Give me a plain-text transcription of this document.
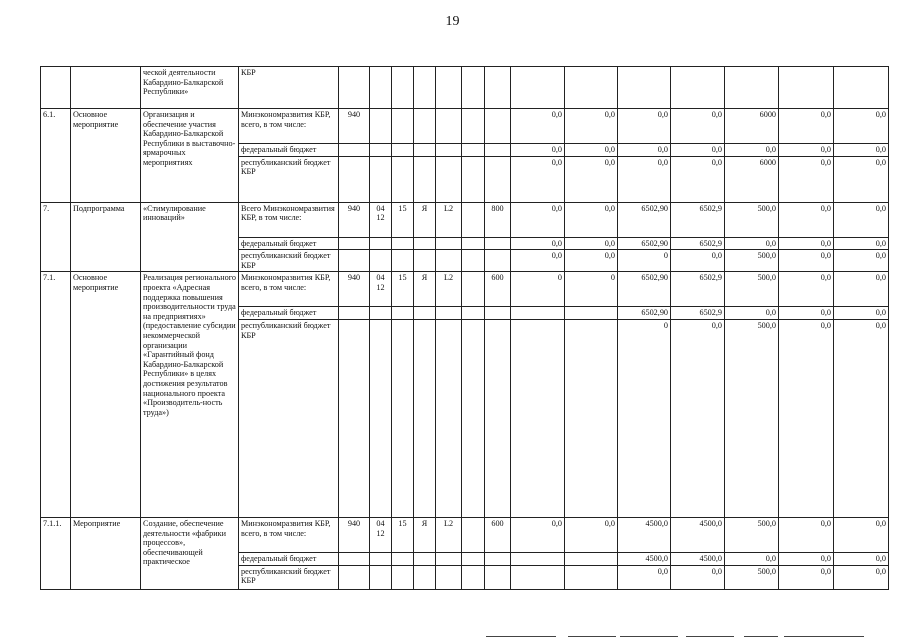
19
		ческой деятельности Кабардино-Балкарской Республики»	КБР														
6.1.	Основное мероприятие	Организация и обеспечение участия Кабардино-Балкарской Республики в выставочно-ярмарочных мероприятиях	Минэкономразвития КБР, всего, в том числе:	940							0,0	0,0	0,0	0,0	6000	0,0	0,0
			федеральный бюджет								0,0	0,0	0,0	0,0	0,0	0,0	0,0
			республиканский бюджет КБР								0,0	0,0	0,0	0,0	6000	0,0	0,0
7.	Подпрограмма	«Стимулирование инноваций»	Всего Минэкономразвития КБР, в том числе:	940	04 12	15	Я	L2		800	0,0	0,0	6502,90	6502,9	500,0	0,0	0,0
			федеральный бюджет								0,0	0,0	6502,90	6502,9	0,0	0,0	0,0
			республиканский бюджет КБР								0,0	0,0	0	0,0	500,0	0,0	0,0
7.1.	Основное мероприятие	Реализация регионального проекта «Адресная поддержка повышения производительности труда на предприятиях» (предоставление субсидии некоммерческой организации «Гарантийный фонд Кабардино-Балкарской Республики» в целях достижения результатов национального проекта «Производитель-ность труда»)	Минэкономразвития КБР, всего, в том числе:	940	04 12	15	Я	L2		600	0	0	6502,90	6502,9	500,0	0,0	0,0
			федеральный бюджет										6502,90	6502,9	0,0	0,0	0,0
			республиканский бюджет КБР										0	0,0	500,0	0,0	0,0
7.1.1.	Мероприятие	Создание, обеспечение деятельности «фабрики процессов», обеспечивающей практическое	Минэкономразвития КБР, всего, в том числе:	940	04 12	15	Я	L2		600	0,0	0,0	4500,0	4500,0	500,0	0,0	0,0
			федеральный бюджет										4500,0	4500,0	0,0	0,0	0,0
			республиканский бюджет КБР										0,0	0,0	500,0	0,0	0,0
